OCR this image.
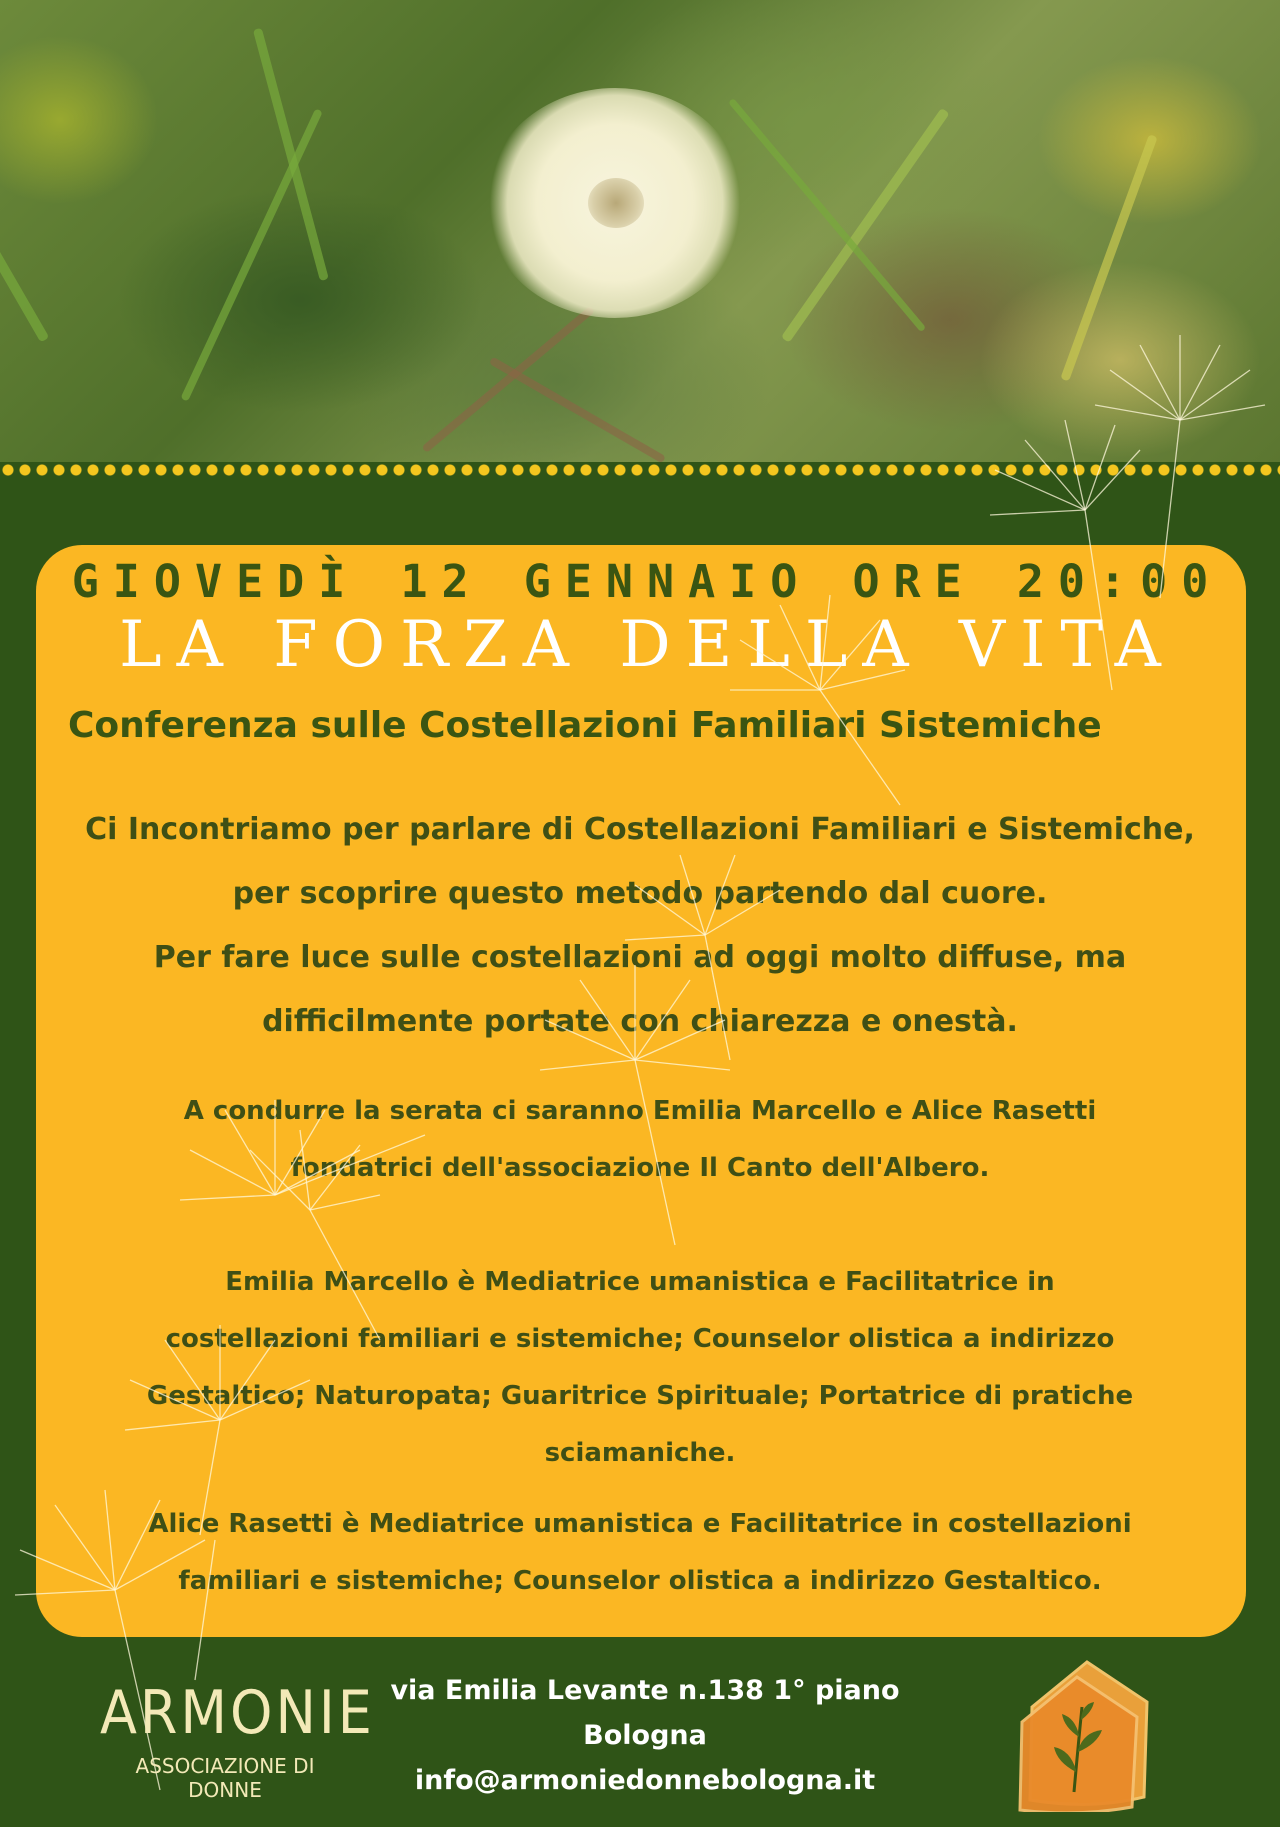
GIOVEDÌ 12 GENNAIO ORE 20:00
LA FORZA DELLA VITA
Conferenza sulle Costellazioni Familiari Sistemiche
Ci Incontriamo per parlare di Costellazioni Familiari e Sistemiche,
per scoprire questo metodo partendo dal cuore.
Per fare luce sulle costellazioni ad oggi molto diffuse, ma
difficilmente portate con chiarezza e onestà.
A condurre la serata ci saranno Emilia Marcello e Alice Rasetti
fondatrici dell'associazione Il Canto dell'Albero.
Emilia Marcello è Mediatrice umanistica e Facilitatrice in
costellazioni familiari e sistemiche; Counselor olistica a indirizzo
Gestaltico; Naturopata; Guaritrice Spirituale; Portatrice di pratiche
sciamaniche.
Alice Rasetti è Mediatrice umanistica e Facilitatrice in costellazioni
familiari e sistemiche; Counselor olistica a indirizzo Gestaltico.
ARMONIE
ASSOCIAZIONE DI DONNE
via Emilia Levante n.138 1° piano
Bologna
info@armoniedonnebologna.it
